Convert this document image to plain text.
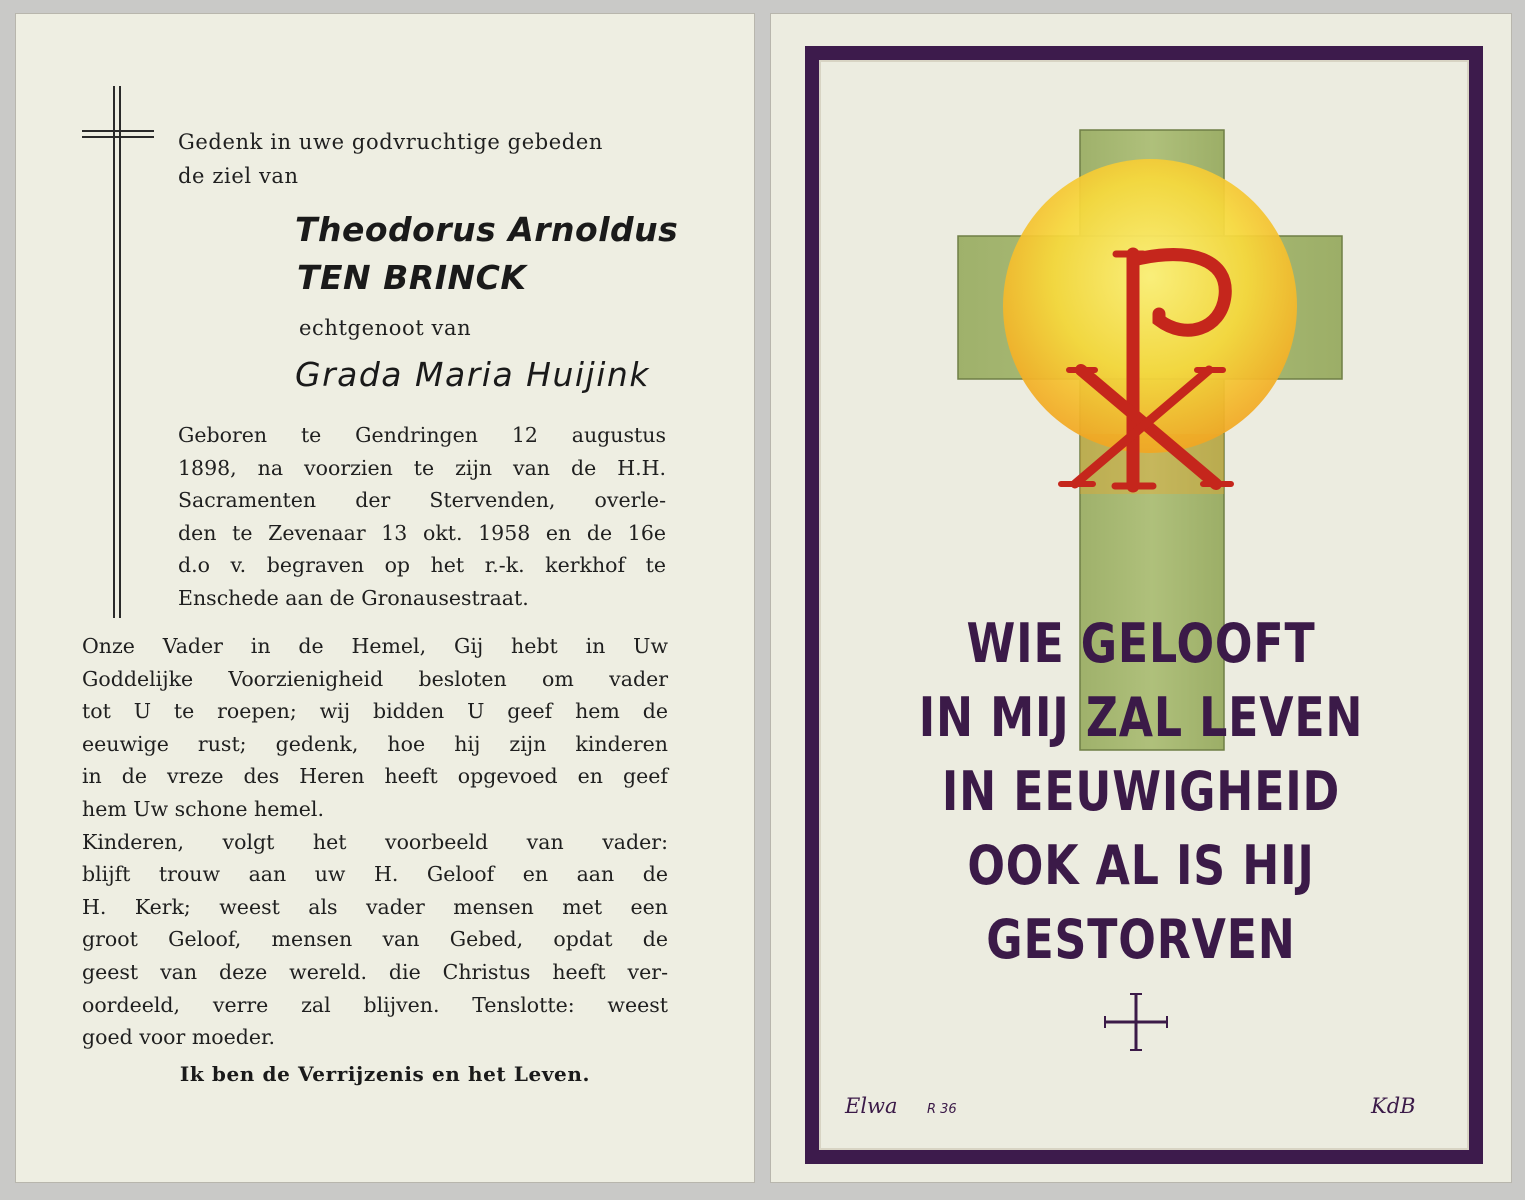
Gedenk in uwe godvruchtige gebeden
de ziel van
Theodorus Arnoldus
TEN BRINCK
echtgenoot van
Grada Maria Huijink
Geboren te Gendringen 12 augustus
1898, na voorzien te zijn van de H.H.
Sacramenten der Stervenden, overle-
den te Zevenaar 13 okt. 1958 en de 16e
d.o v. begraven op het r.-k. kerkhof te
Enschede aan de Gronausestraat.
Onze Vader in de Hemel, Gij hebt in Uw
Goddelijke Voorzienigheid besloten om vader
tot U te roepen; wij bidden U geef hem de
eeuwige rust; gedenk, hoe hij zijn kinderen
in de vreze des Heren heeft opgevoed en geef
hem Uw schone hemel.
Kinderen, volgt het voorbeeld van vader:
blijft trouw aan uw H. Geloof en aan de
H. Kerk; weest als vader mensen met een
groot Geloof, mensen van Gebed, opdat de
geest van deze wereld. die Christus heeft ver-
oordeeld, verre zal blijven. Tenslotte: weest
goed voor moeder.
Ik ben de Verrijzenis en het Leven.
WIE GELOOFT
IN MIJ ZAL LEVEN
IN EEUWIGHEID
OOK AL IS HIJ
GESTORVEN
Elwa R 36	KdB
